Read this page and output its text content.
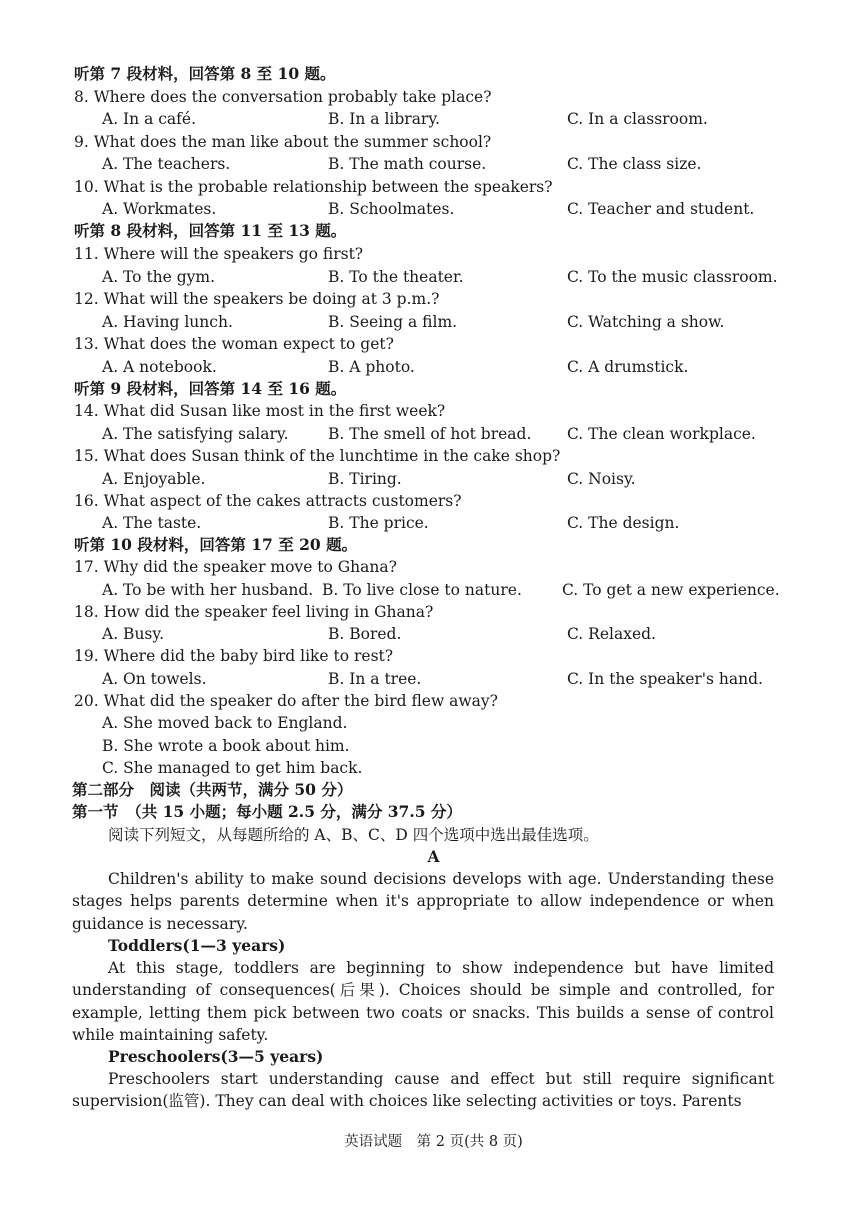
听第 7 段材料，回答第 8 至 10 题。
8. Where does the conversation probably take place?
A. In a café.	B. In a library.	C. In a classroom.
9. What does the man like about the summer school?
A. The teachers.	B. The math course.	C. The class size.
10. What is the probable relationship between the speakers?
A. Workmates.	B. Schoolmates.	C. Teacher and student.
听第 8 段材料，回答第 11 至 13 题。
11. Where will the speakers go first?
A. To the gym.	B. To the theater.	C. To the music classroom.
12. What will the speakers be doing at 3 p.m.?
A. Having lunch.	B. Seeing a film.	C. Watching a show.
13. What does the woman expect to get?
A. A notebook.	B. A photo.	C. A drumstick.
听第 9 段材料，回答第 14 至 16 题。
14. What did Susan like most in the first week?
A. The satisfying salary.	B. The smell of hot bread. C. The clean workplace.
15. What does Susan think of the lunchtime in the cake shop?
A. Enjoyable.	B. Tiring.	C. Noisy.
16. What aspect of the cakes attracts customers?
A. The taste.	B. The price.	C. The design.
听第 10 段材料，回答第 17 至 20 题。
17. Why did the speaker move to Ghana?
A. To be with her husband. B. To live close to nature.	C. To get a new experience.
18. How did the speaker feel living in Ghana?
A. Busy.	B. Bored.	C. Relaxed.
19. Where did the baby bird like to rest?
A. On towels.	B. In a tree.	C. In the speaker's hand.
20. What did the speaker do after the bird flew away?
A. She moved back to England.
B. She wrote a book about him.
C. She managed to get him back.
第二部分　阅读（共两节，满分 50 分）
第一节　（共 15 小题；每小题 2.5 分，满分 37.5 分）
阅读下列短文，从每题所给的 A、B、C、D 四个选项中选出最佳选项。
A
Children's ability to make sound decisions develops with age. Understanding these stages helps parents determine when it's appropriate to allow independence or when guidance is necessary.
Toddlers(1—3 years)
At this stage, toddlers are beginning to show independence but have limited understanding of consequences(后果). Choices should be simple and controlled, for example, letting them pick between two coats or snacks. This builds a sense of control while maintaining safety.
Preschoolers(3—5 years)
Preschoolers start understanding cause and effect but still require significant supervision(监管). They can deal with choices like selecting activities or toys. Parents
英语试题　第 2 页(共 8 页)
